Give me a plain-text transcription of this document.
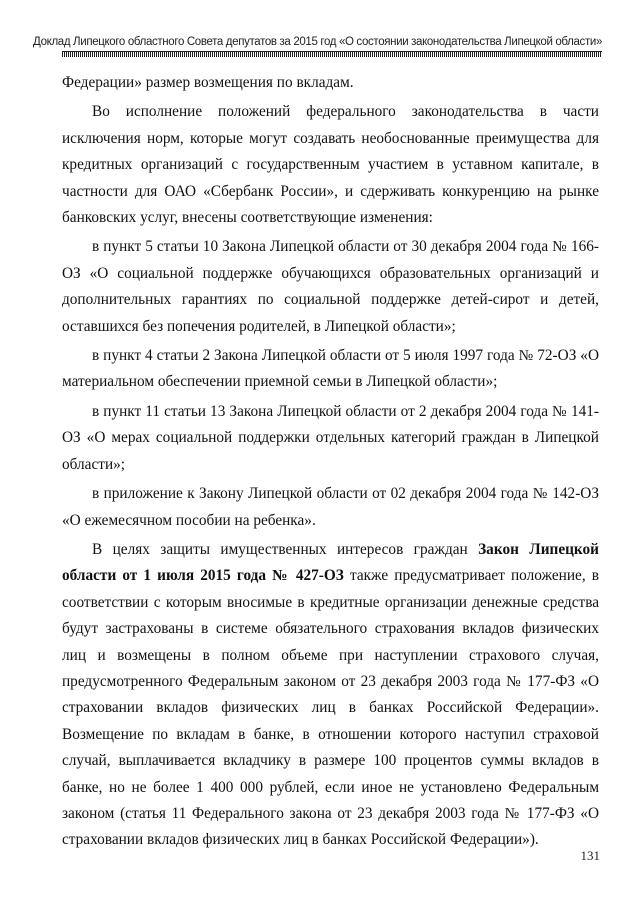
Доклад Липецкого областного Совета депутатов за 2015 год «О состоянии законодательства Липецкой области»

Федерации» размер возмещения по вкладам.

Во исполнение положений федерального законодательства в части исключения норм, которые могут создавать необоснованные преимущества для кредитных организаций с государственным участием в уставном капитале, в частности для ОАО «Сбербанк России», и сдерживать конкуренцию на рынке банковских услуг, внесены соответствующие изменения:

в пункт 5 статьи 10 Закона Липецкой области от 30 декабря 2004 года № 166-ОЗ «О социальной поддержке обучающихся образовательных организаций и дополнительных гарантиях по социальной поддержке детей-сирот и детей, оставшихся без попечения родителей, в Липецкой области»;

в пункт 4 статьи 2 Закона Липецкой области от 5 июля 1997 года № 72-ОЗ «О материальном обеспечении приемной семьи в Липецкой области»;

в пункт 11 статьи 13 Закона Липецкой области от 2 декабря 2004 года № 141-ОЗ «О мерах социальной поддержки отдельных категорий граждан в Липецкой области»;

в приложение к Закону Липецкой области от 02 декабря 2004 года № 142-ОЗ «О ежемесячном пособии на ребенка».

В целях защиты имущественных интересов граждан Закон Липецкой области от 1 июля 2015 года № 427-ОЗ также предусматривает положение, в соответствии с которым вносимые в кредитные организации денежные средства будут застрахованы в системе обязательного страхования вкладов физических лиц и возмещены в полном объеме при наступлении страхового случая, предусмотренного Федеральным законом от 23 декабря 2003 года № 177-ФЗ «О страховании вкладов физических лиц в банках Российской Федерации». Возмещение по вкладам в банке, в отношении которого наступил страховой случай, выплачивается вкладчику в размере 100 процентов суммы вкладов в банке, но не более 1 400 000 рублей, если иное не установлено Федеральным законом (статья 11 Федерального закона от 23 декабря 2003 года № 177-ФЗ «О страховании вкладов физических лиц в банках Российской Федерации»).

131
